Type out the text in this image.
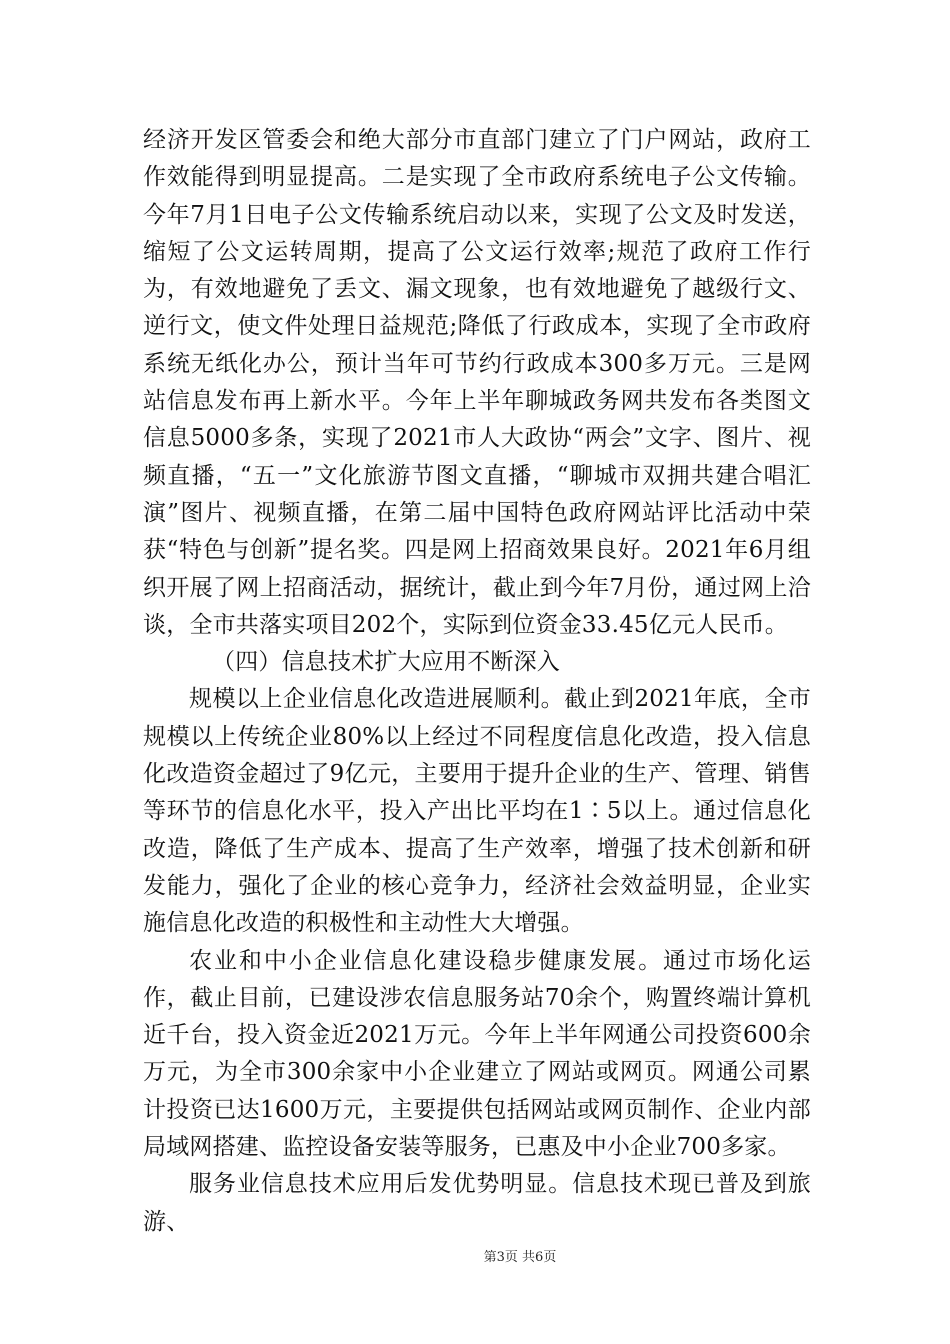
经济开发区管委会和绝大部分市直部门建立了门户网站，政府工作效能得到明显提高。二是实现了全市政府系统电子公文传输。今年7月1日电子公文传输系统启动以来，实现了公文及时发送，缩短了公文运转周期，提高了公文运行效率;规范了政府工作行为，有效地避免了丢文、漏文现象，也有效地避免了越级行文、逆行文，使文件处理日益规范;降低了行政成本，实现了全市政府系统无纸化办公，预计当年可节约行政成本300多万元。三是网站信息发布再上新水平。今年上半年聊城政务网共发布各类图文信息5000多条，实现了2021市人大政协“两会”文字、图片、视频直播，“五一”文化旅游节图文直播，“聊城市双拥共建合唱汇演”图片、视频直播，在第二届中国特色政府网站评比活动中荣获“特色与创新”提名奖。四是网上招商效果良好。2021年6月组织开展了网上招商活动，据统计，截止到今年7月份，通过网上洽谈，全市共落实项目202个，实际到位资金33.45亿元人民币。

（四）信息技术扩大应用不断深入

规模以上企业信息化改造进展顺利。截止到2021年底，全市规模以上传统企业80%以上经过不同程度信息化改造，投入信息化改造资金超过了9亿元，主要用于提升企业的生产、管理、销售等环节的信息化水平，投入产出比平均在1∶5以上。通过信息化改造，降低了生产成本、提高了生产效率，增强了技术创新和研发能力，强化了企业的核心竞争力，经济社会效益明显，企业实施信息化改造的积极性和主动性大大增强。

农业和中小企业信息化建设稳步健康发展。通过市场化运作，截止目前，已建设涉农信息服务站70余个，购置终端计算机近千台，投入资金近2021万元。今年上半年网通公司投资600余万元，为全市300余家中小企业建立了网站或网页。网通公司累计投资已达1600万元，主要提供包括网站或网页制作、企业内部局域网搭建、监控设备安装等服务，已惠及中小企业700多家。

服务业信息技术应用后发优势明显。信息技术现已普及到旅游、

第3页 共6页
